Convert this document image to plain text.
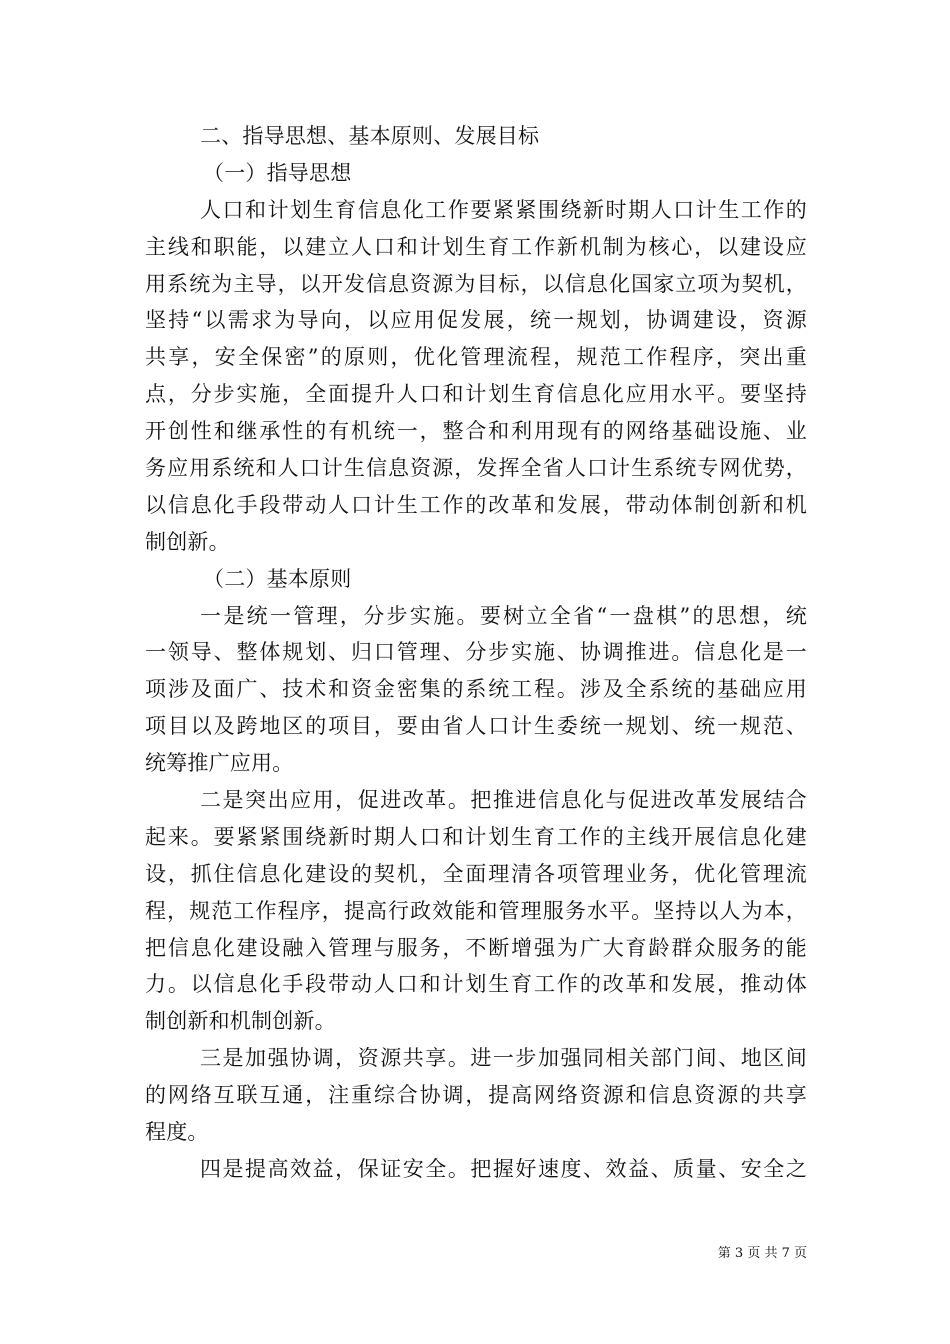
二、指导思想、基本原则、发展目标
（一）指导思想
人口和计划生育信息化工作要紧紧围绕新时期人口计生工作的
主线和职能，以建立人口和计划生育工作新机制为核心，以建设应
用系统为主导，以开发信息资源为目标，以信息化国家立项为契机，
坚持“以需求为导向，以应用促发展，统一规划，协调建设，资源
共享，安全保密”的原则，优化管理流程，规范工作程序，突出重
点，分步实施，全面提升人口和计划生育信息化应用水平。要坚持
开创性和继承性的有机统一，整合和利用现有的网络基础设施、业
务应用系统和人口计生信息资源，发挥全省人口计生系统专网优势，
以信息化手段带动人口计生工作的改革和发展，带动体制创新和机
制创新。
（二）基本原则
一是统一管理，分步实施。要树立全省“一盘棋”的思想，统
一领导、整体规划、归口管理、分步实施、协调推进。信息化是一
项涉及面广、技术和资金密集的系统工程。涉及全系统的基础应用
项目以及跨地区的项目，要由省人口计生委统一规划、统一规范、
统筹推广应用。
二是突出应用，促进改革。把推进信息化与促进改革发展结合
起来。要紧紧围绕新时期人口和计划生育工作的主线开展信息化建
设，抓住信息化建设的契机，全面理清各项管理业务，优化管理流
程，规范工作程序，提高行政效能和管理服务水平。坚持以人为本，
把信息化建设融入管理与服务，不断增强为广大育龄群众服务的能
力。以信息化手段带动人口和计划生育工作的改革和发展，推动体
制创新和机制创新。
三是加强协调，资源共享。进一步加强同相关部门间、地区间
的网络互联互通，注重综合协调，提高网络资源和信息资源的共享
程度。
四是提高效益，保证安全。把握好速度、效益、质量、安全之
第 3 页 共 7 页
